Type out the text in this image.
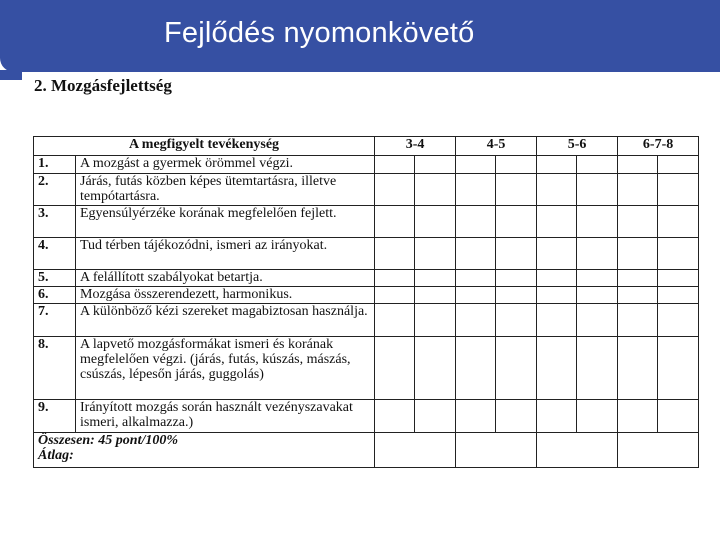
Fejlődés nyomonkövető
2. Mozgásfejlettség
A megfigyelt tevékenység		3-4		4-5		5-6		6-7-8	
1.	A mozgást a gyermek örömmel végzi.								
2.	Járás, futás közben képes ütemtartásra, illetve tempótartásra.								
3.	Egyensúlyérzéke korának megfelelően fejlett.								
4.	Tud térben tájékozódni, ismeri az irányokat.								
5.	A felállított szabályokat betartja.								
6.	Mozgása összerendezett, harmonikus.								
7.	A különböző kézi szereket magabiztosan használja.								
8.	A lapvető mozgásformákat ismeri és korának megfelelően végzi. (járás, futás, kúszás, mászás, csúszás, lépesőn járás, guggolás)								
9.	Irányított mozgás során használt vezényszavakat ismeri, alkalmazza.)								

Összesen: 45 pont/100%
Átlag:									
